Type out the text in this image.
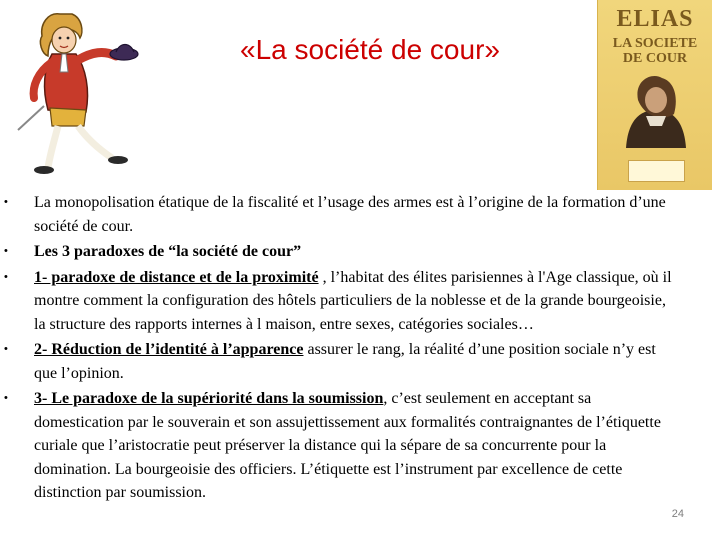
«La société de cour»
ELIAS
LA SOCIETE
DE COUR
• La monopolisation étatique de la fiscalité et l’usage des armes est à l’origine de la formation d’une société de cour.
• Les 3 paradoxes de “la société de cour”
• 1- paradoxe de distance et de la proximité , l’habitat des élites parisiennes à l'Age classique, où il montre comment la configuration des hôtels particuliers de la noblesse et de la grande bourgeoisie, la structure des rapports internes à l maison, entre sexes, catégories sociales…
• 2- Réduction de l’identité à l’apparence assurer le rang, la réalité d’une position sociale n’y est que l’opinion.
• 3- Le paradoxe de la supériorité dans la soumission, c’est seulement en acceptant sa domestication par le souverain et son assujettissement aux formalités contraignantes de l’étiquette curiale que l’aristocratie peut préserver la distance qui la sépare de sa concurrente pour la domination. La bourgeoisie des officiers. L’étiquette est l’instrument par excellence de cette distinction par soumission.
24
